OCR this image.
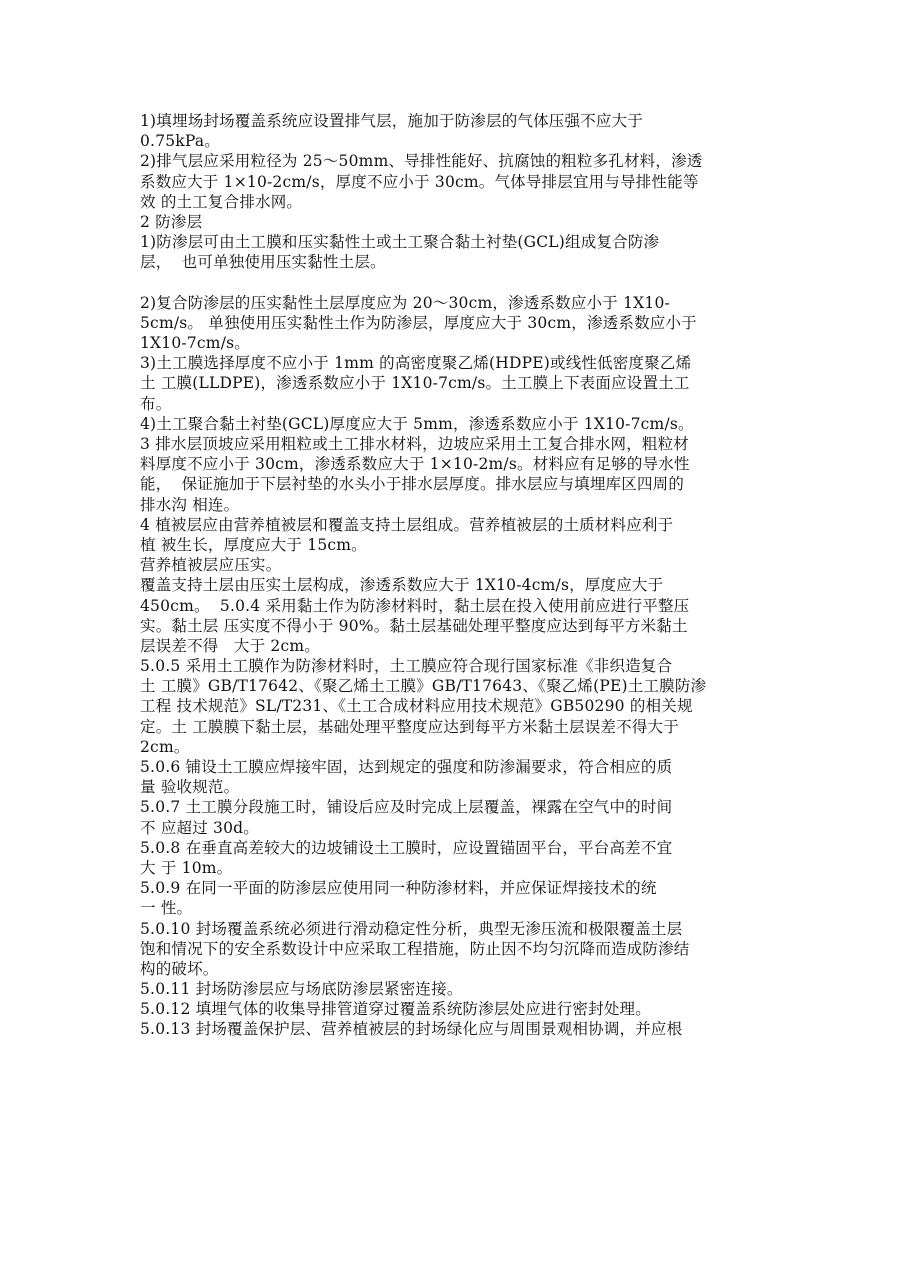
1)填埋场封场覆盖系统应设置排气层，施加于防渗层的气体压强不应大于
0.75kPa。
2)排气层应采用粒径为 25～50mm、导排性能好、抗腐蚀的粗粒多孔材料，渗透
系数应大于 1×10-2cm/s，厚度不应小于 30cm。气体导排层宜用与导排性能等
效 的土工复合排水网。
2 防渗层
1)防渗层可由土工膜和压实黏性土或土工聚合黏土衬垫(GCL)组成复合防渗
层，  也可单独使用压实黏性土层。
2)复合防渗层的压实黏性土层厚度应为 20～30cm，渗透系数应小于 1X10-
5cm/s。 单独使用压实黏性土作为防渗层，厚度应大于 30cm，渗透系数应小于
1X10-7cm/s。
3)土工膜选择厚度不应小于 1mm 的高密度聚乙烯(HDPE)或线性低密度聚乙烯
土 工膜(LLDPE)，渗透系数应小于 1X10-7cm/s。土工膜上下表面应设置土工
布。
4)土工聚合黏土衬垫(GCL)厚度应大于 5mm，渗透系数应小于 1X10-7cm/s。
3 排水层顶坡应采用粗粒或土工排水材料，边坡应采用土工复合排水网，粗粒材
料厚度不应小于 30cm，渗透系数应大于 1×10-2m/s。材料应有足够的导水性
能，  保证施加于下层衬垫的水头小于排水层厚度。排水层应与填埋库区四周的
排水沟 相连。
4 植被层应由营养植被层和覆盖支持土层组成。营养植被层的土质材料应利于
植 被生长，厚度应大于 15cm。
营养植被层应压实。
覆盖支持土层由压实土层构成，渗透系数应大于 1X10-4cm/s，厚度应大于
450cm。  5.0.4 采用黏土作为防渗材料时，黏土层在投入使用前应进行平整压
实。黏土层 压实度不得小于 90%。黏土层基础处理平整度应达到每平方米黏土
层误差不得   大于 2cm。
5.0.5 采用土工膜作为防渗材料时，土工膜应符合现行国家标准《非织造复合
土 工膜》GB/T17642、《聚乙烯土工膜》GB/T17643、《聚乙烯(PE)土工膜防渗
工程 技术规范》SL/T231、《土工合成材料应用技术规范》GB50290 的相关规
定。土 工膜膜下黏土层，基础处理平整度应达到每平方米黏土层误差不得大于
2cm。
5.0.6 铺设土工膜应焊接牢固，达到规定的强度和防渗漏要求，符合相应的质
量 验收规范。
5.0.7 土工膜分段施工时，铺设后应及时完成上层覆盖，裸露在空气中的时间
不 应超过 30d。
5.0.8 在垂直高差较大的边坡铺设土工膜时，应设置锚固平台，平台高差不宜
大 于 10m。
5.0.9 在同一平面的防渗层应使用同一种防渗材料，并应保证焊接技术的统
一 性。
5.0.10 封场覆盖系统必须进行滑动稳定性分析，典型无渗压流和极限覆盖土层
饱和情况下的安全系数设计中应采取工程措施，防止因不均匀沉降而造成防渗结
构的破坏。
5.0.11 封场防渗层应与场底防渗层紧密连接。
5.0.12 填埋气体的收集导排管道穿过覆盖系统防渗层处应进行密封处理。
5.0.13 封场覆盖保护层、营养植被层的封场绿化应与周围景观相协调，并应根
